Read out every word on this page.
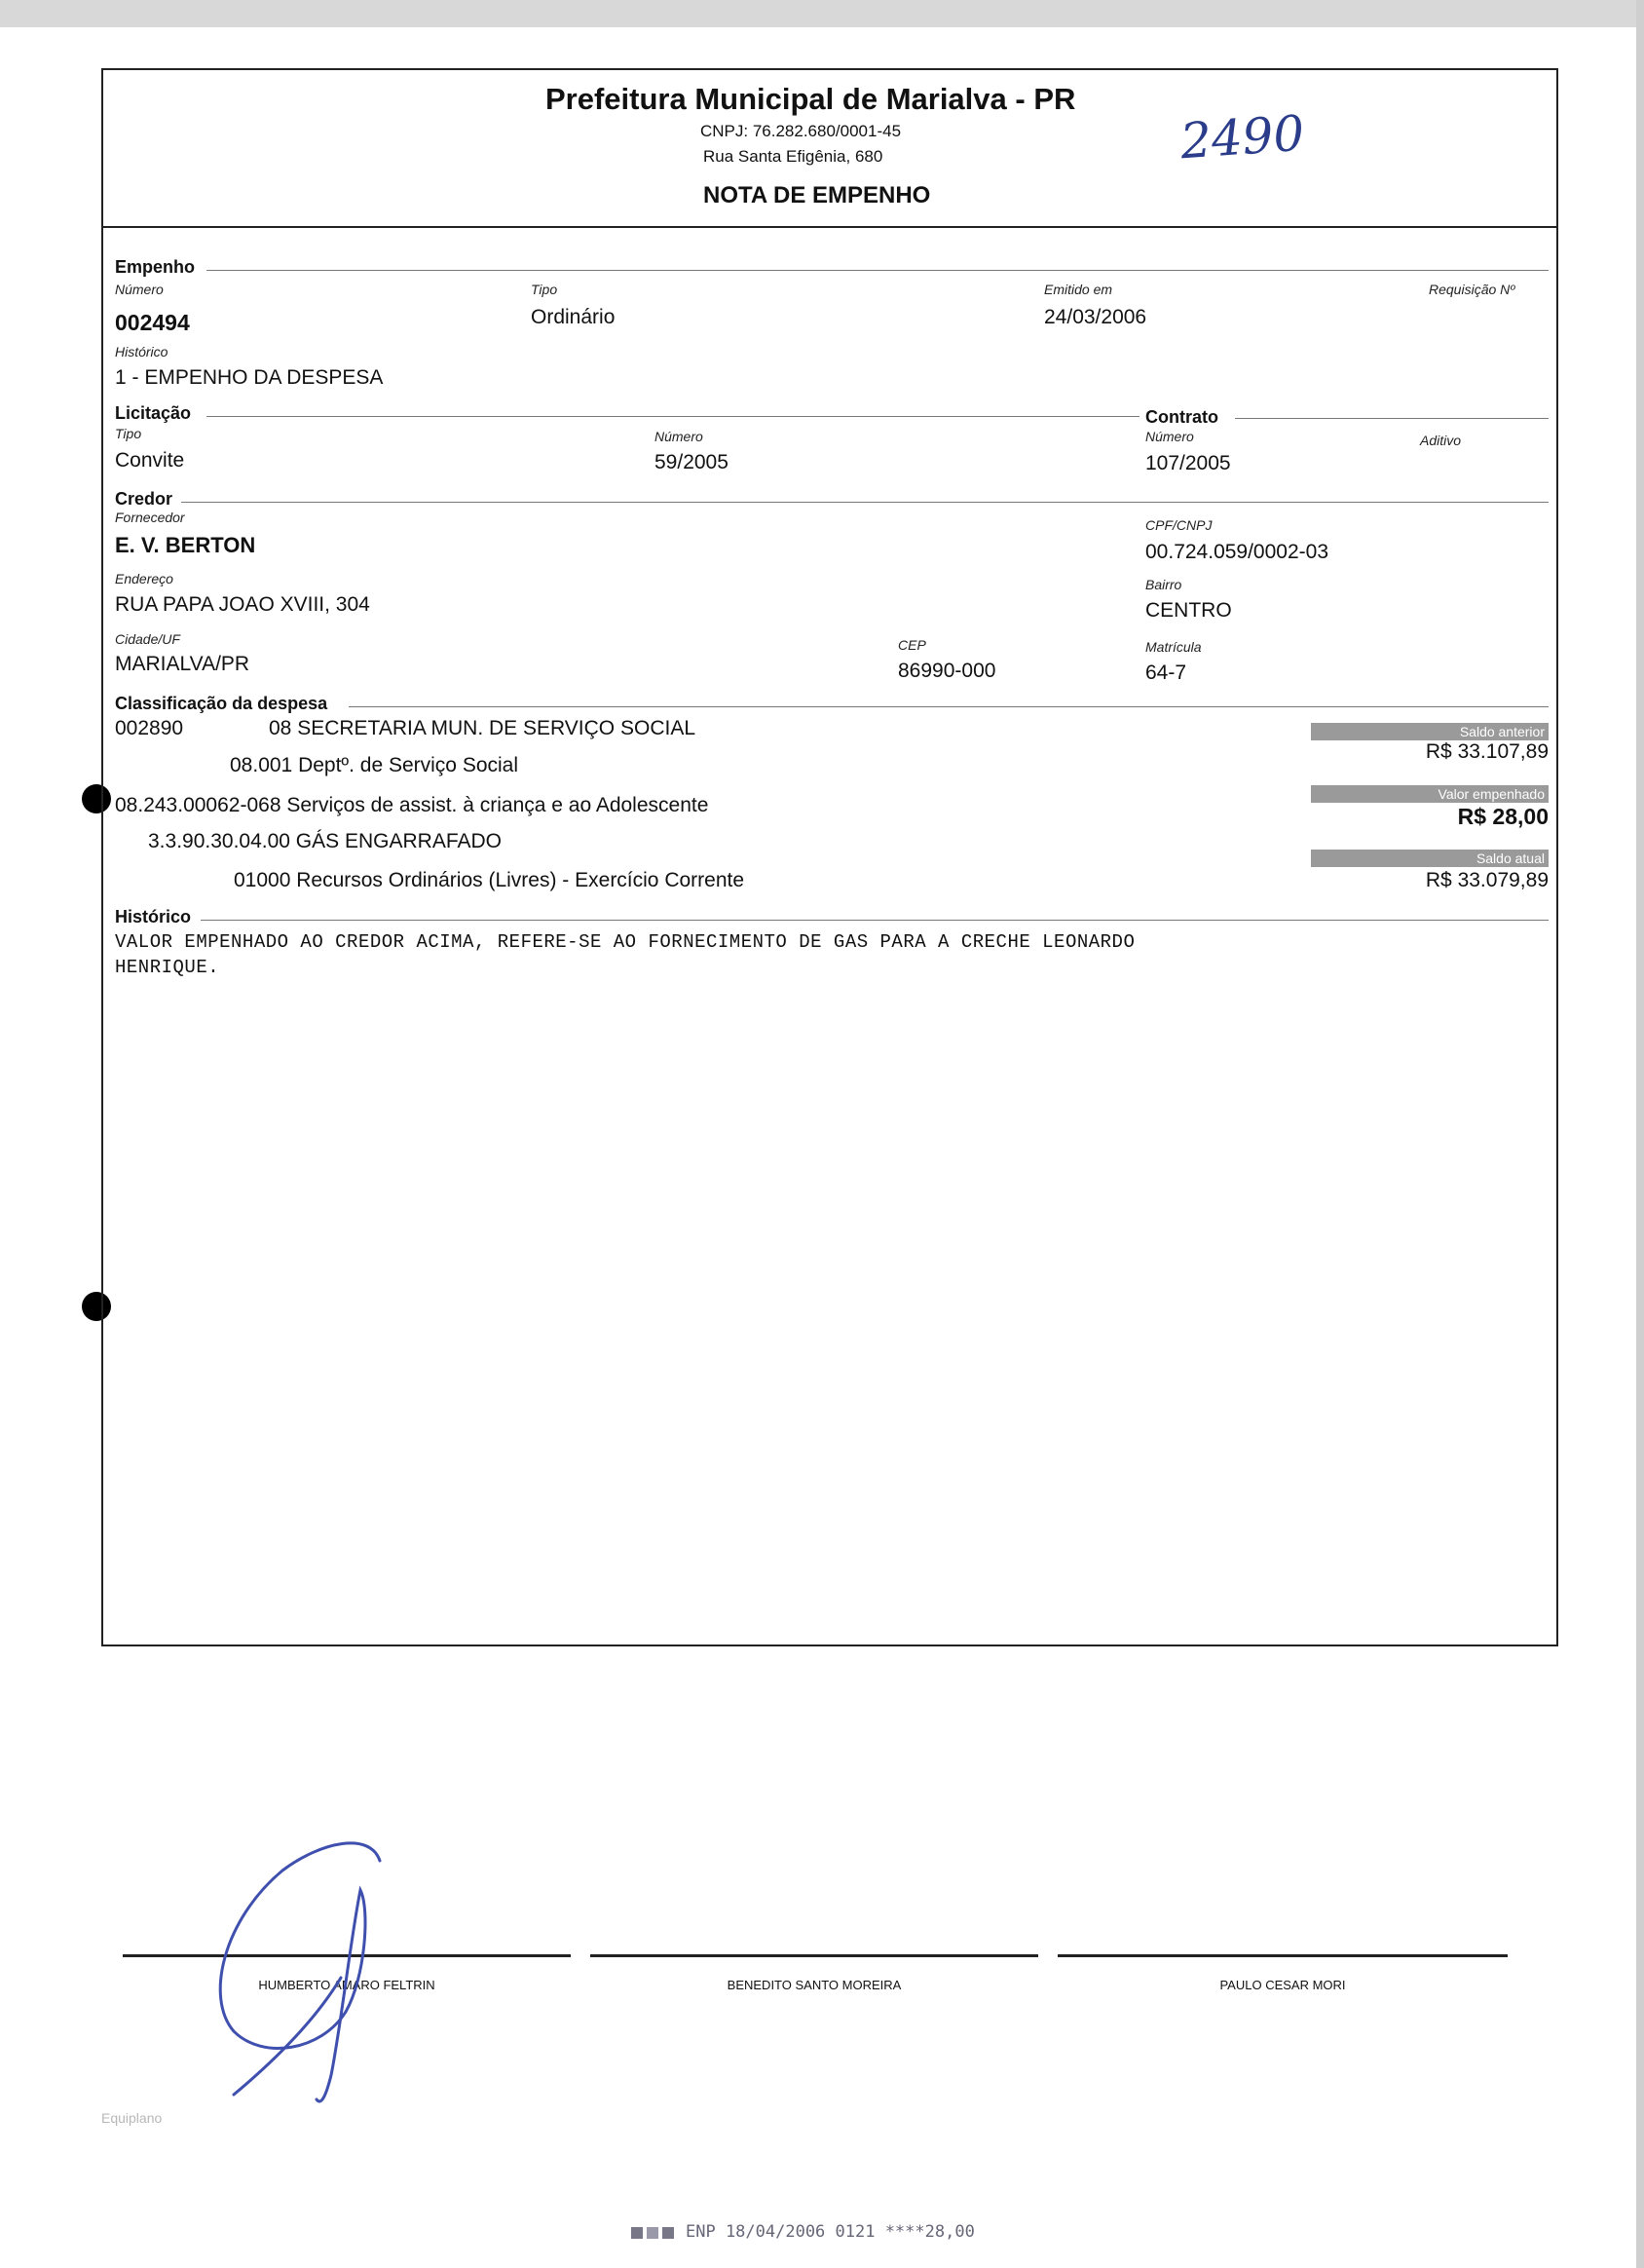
Prefeitura Municipal de Marialva - PR
CNPJ: 76.282.680/0001-45
Rua Santa Efigênia, 680
NOTA DE EMPENHO
2490
Empenho
Número
002494
Tipo
Ordinário
Emitido em
24/03/2006
Requisição Nº
Histórico
1 - EMPENHO DA DESPESA
Licitação	Contrato
Tipo
Convite
Número
59/2005
Número
107/2005
Aditivo
Credor
Fornecedor
E. V. BERTON
CPF/CNPJ
00.724.059/0002-03
Endereço
RUA PAPA JOAO XVIII, 304
Bairro
CENTRO
Cidade/UF
MARIALVA/PR
CEP
86990-000
Matrícula
64-7
Classificação da despesa
002890	08 SECRETARIA MUN. DE SERVIÇO SOCIAL
08.001 Deptº. de Serviço Social
08.243.00062-068 Serviços de assist. à criança e ao Adolescente
3.3.90.30.04.00 GÁS ENGARRAFADO
01000 Recursos Ordinários (Livres) - Exercício Corrente
Saldo anterior
R$ 33.107,89
Valor empenhado
R$ 28,00
Saldo atual
R$ 33.079,89
Histórico
VALOR EMPENHADO AO CREDOR ACIMA, REFERE-SE AO FORNECIMENTO DE GAS PARA A CRECHE LEONARDO
HENRIQUE.
HUMBERTO AMARO FELTRIN	BENEDITO SANTO MOREIRA	PAULO CESAR MORI
Equiplano
ENP 18/04/2006 0121 ****28,00
